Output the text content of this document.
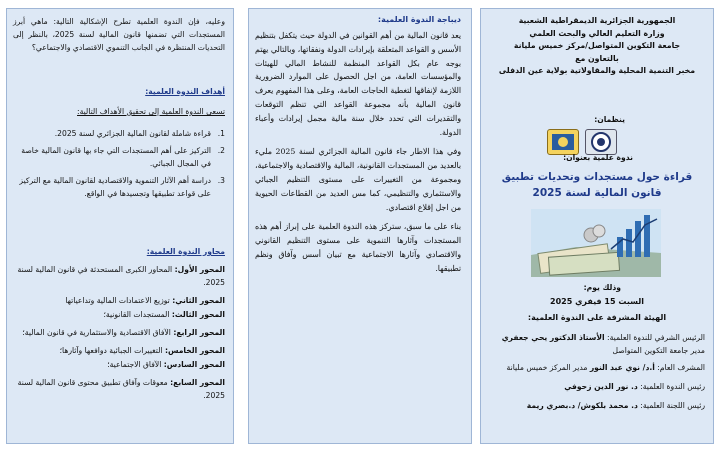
وعليه، فإن الندوة العلمية تطرح الإشكالية التالية: ماهي أبرز المستجدات التي تضمنها قانون المالية لسنة 2025، بالنظر إلى التحديات المنتظرة في الجانب التنموي الاقتصادي والاجتماعي؟
أهداف الندوة العلمية:
تسعى الندوة العلمية إلى تحقيق الأهداف التالية:
1.
قراءة شاملة لقانون المالية الجزائري لسنة 2025.
2.
التركيز على أهم المستجدات التي جاء بها قانون المالية خاصة في المجال الجبائي.
3.
دراسة أهم الآثار التنموية والاقتصادية لقانون المالية مع التركيز على قواعد تطبيقها وتجسيدها في الواقع.
محاور الندوة العلمية:
المحور الأول: المحاور الكبرى المستحدثة في قانون المالية لسنة 2025.
المحور الثاني: توزيع الاعتمادات المالية وتداعياتها
المحور الثالث: المستجدات القانونية؛
المحور الرابع: الآفاق الاقتصادية والاستثمارية في قانون المالية؛
المحور الخامس: التغييرات الجبائية دوافعها وآثارها؛
المحور السادس: الآفاق الاجتماعية؛
المحور السابع: معوقات وآفاق تطبيق محتوى قانون المالية لسنة 2025.
ديباجة الندوة العلمية:

يعد قانون المالية من أهم القوانين في الدولة حيث يتكفل بتنظيم الأسس و القواعد المتعلقة بإيرادات الدولة ونفقاتها، وبالتالي يهتم بوجه عام بكل القواعد المنظمة للنشاط المالي للهيئات والمؤسسات العامة، من اجل الحصول على الموارد الضرورية اللازمة لإنفاقها لتغطية الحاجات العامة، وعلى هذا المفهوم يعرف قانون المالية بأنه مجموعة القواعد التي تنظم التوقعات والتقديرات التي تحدد خلال سنة مالية مجمل إيرادات وأعباء الدولة.

وفي هذا الاطار جاء قانون المالية الجزائري لسنة 2025 مليء بالعديد من المستجدات القانونية، المالية والاقتصادية والاجتماعية، ومجموعة من التغييرات على مستوى التنظيم الجبائي والاستثماري والتنظيمي، كما مس العديد من القطاعات الحيوية من اجل إقلاع اقتصادي.

بناء على ما سبق، ستركز هذه الندوة العلمية على إبراز أهم هذه المستجدات وآثارها التنموية على مستوى التنظيم القانوني والاقتصادي وآثارها الاجتماعية مع تبيان أسس وآفاق ونظم تطبيقها.

الجمهورية الجزائرية الديمقراطية الشعبية
وزارة التعليم العالي والبحث العلمي
جامعة التكوين المتواصل/مركز خميس مليانة
بالتعاون مع
مخبر التنمية المحلية والمقاولاتية بولاية عين الدفلى
ينظمان:
ندوة علمية بعنوان:
قراءة حول مستجدات وتحديات تطبيق
قانون المالية لسنة 2025
وذلك يوم:
السبت 15 فيفري 2025
الهيئة المشرفة على الندوة العلمية:
الرئيس الشرفي للندوة العلمية: الأستاذ الدكتور يحي جعفري مدير جامعة التكوين المتواصل
المشرف العام: أ.د/ نوي عبد النور مدير المركز خميس مليانة
رئيس الندوة العلمية: د. نور الدين زحوفي
رئيس اللجنة العلمية: د. محمد بلكوش/ د.بصري ريمة
